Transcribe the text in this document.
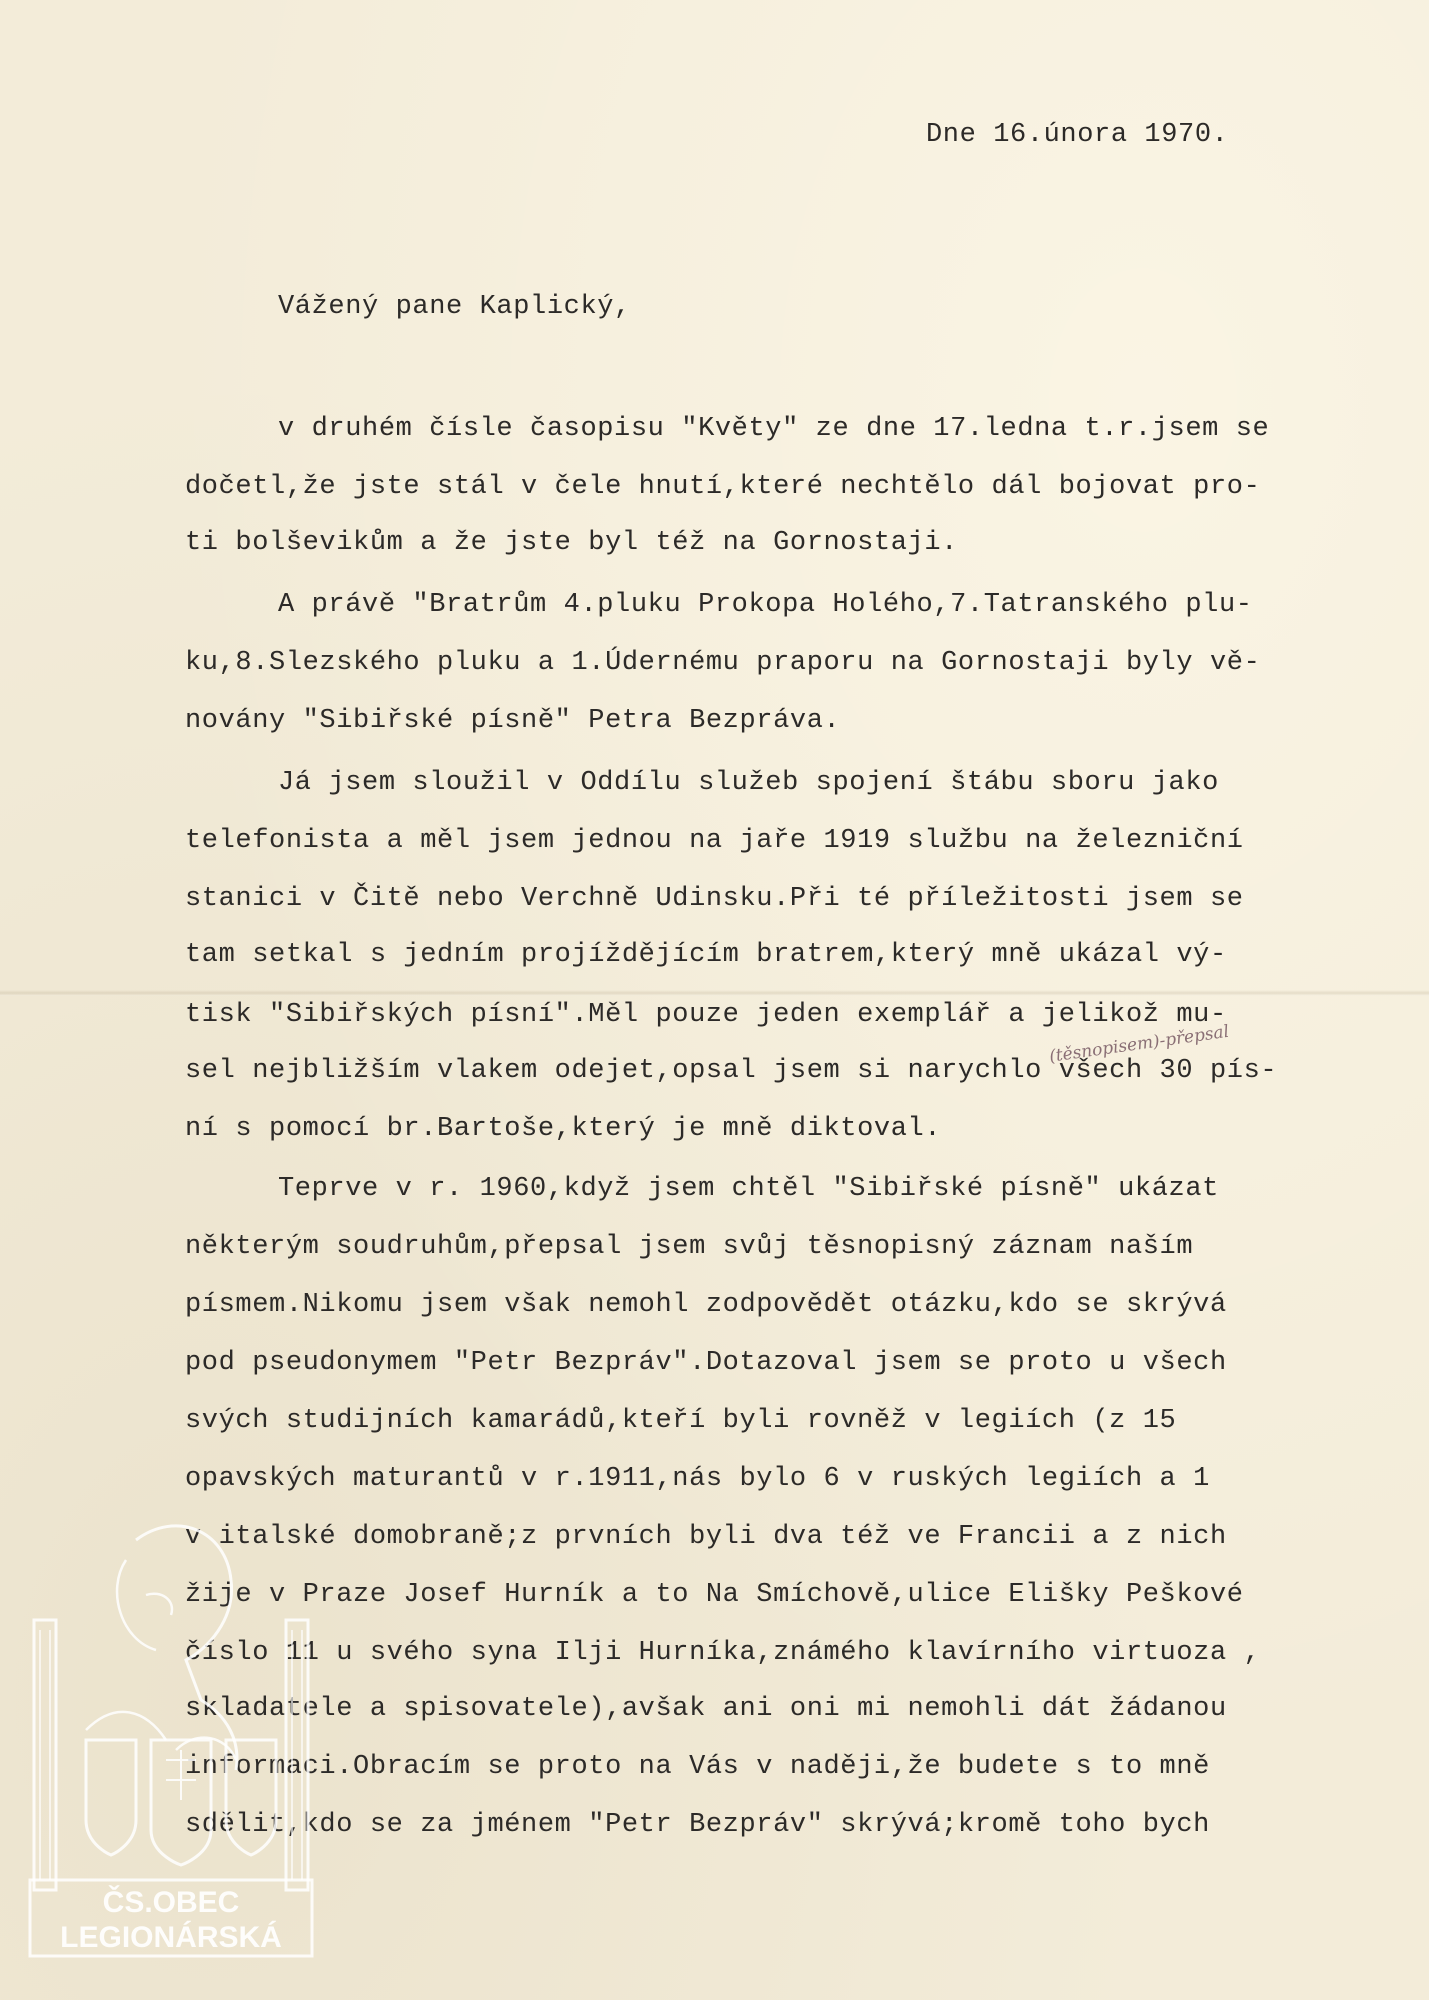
Dne 16.února 1970.

Vážený pane Kaplický,

v druhém čísle časopisu "Květy" ze dne 17.ledna t.r.jsem se

dočetl,že jste stál v čele hnutí,které nechtělo dál bojovat pro-

ti bolševikům a že jste byl též na Gornostaji.

A právě "Bratrům 4.pluku Prokopa Holého,7.Tatranského plu-

ku,8.Slezského pluku a 1.Údernému praporu na Gornostaji byly vě-

novány "Sibiřské písně" Petra Bezpráva.

Já jsem sloužil v Oddílu služeb spojení štábu sboru jako

telefonista a měl jsem jednou na jaře 1919 službu na železniční

stanici v Čitě nebo Verchně Udinsku.Při té příležitosti jsem se

tam setkal s jedním projíždějícím bratrem,který mně ukázal vý-

tisk "Sibiřských písní".Měl pouze jeden exemplář a jelikož mu-

sel nejbližším vlakem odejet,opsal jsem si narychlo všech 30 pís-

ní s pomocí br.Bartoše,který je mně diktoval.

Teprve v r. 1960,když jsem chtěl "Sibiřské písně" ukázat

některým soudruhům,přepsal jsem svůj těsnopisný záznam naším

písmem.Nikomu jsem však nemohl zodpovědět otázku,kdo se skrývá

pod pseudonymem "Petr Bezpráv".Dotazoval jsem se proto u všech

svých studijních kamarádů,kteří byli rovněž v legiích (z 15

opavských maturantů v r.1911,nás bylo 6 v ruských legiích a 1

v italské domobraně;z prvních byli dva též ve Francii a z nich

žije v Praze Josef Hurník a to Na Smíchově,ulice Elišky Peškové

číslo 11 u svého syna Ilji Hurníka,známého klavírního virtuoza ,

skladatele a spisovatele),avšak ani oni mi nemohli dát žádanou

informaci.Obracím se proto na Vás v naději,že budete s to mně

sdělit,kdo se za jménem "Petr Bezpráv" skrývá;kromě toho bych

(těsnopisem)-přepsal

ČS.OBEC
LEGIONÁRSKÁ
